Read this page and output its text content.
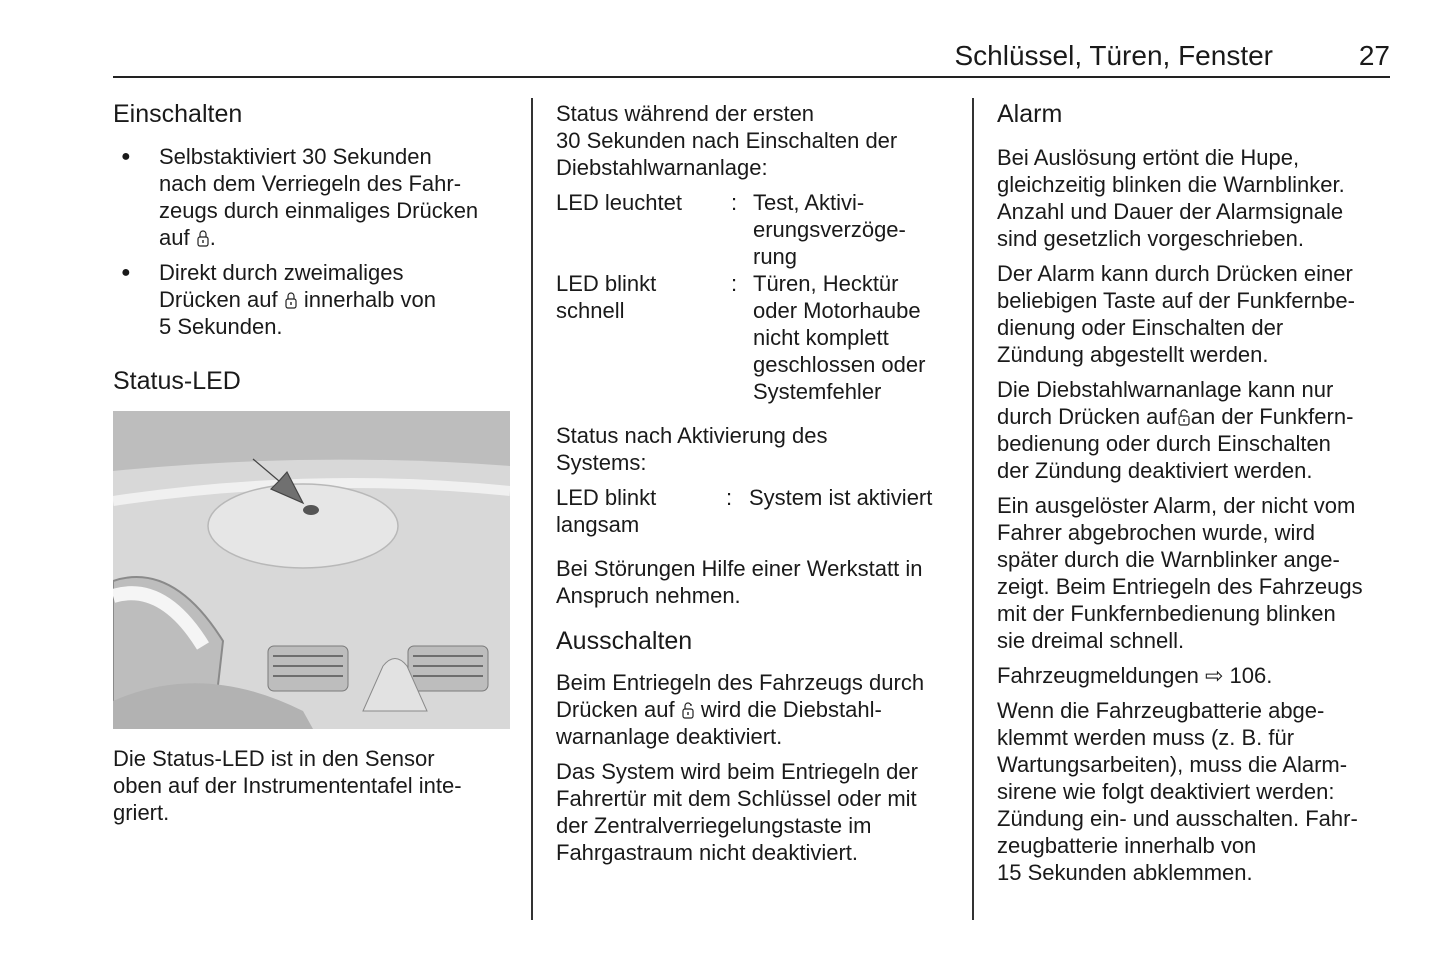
Schlüssel, Türen, Fenster	27
Einschalten
● Selbstaktiviert 30 Sekunden
nach dem Verriegeln des Fahr-
zeugs durch einmaliges Drücken
auf .
● Direkt durch zweimaliges
Drücken auf innerhalb von
5 Sekunden.
Status-LED
Die Status-LED ist in den Sensor
oben auf der Instrumententafel inte-
griert.
Status während der ersten
30 Sekunden nach Einschalten der
Diebstahlwarnanlage:
LED leuchtet	: Test, Aktivi-
erungsverzöge-
rung
LED blinkt
schnell
: Türen, Hecktür
oder Motorhaube
nicht komplett
geschlossen oder
Systemfehler
Status nach Aktivierung des
Systems:
LED blinkt
langsam
: System ist aktiviert
Bei Störungen Hilfe einer Werkstatt in
Anspruch nehmen.
Ausschalten
Beim Entriegeln des Fahrzeugs durch
Drücken auf wird die Diebstahl-
warnanlage deaktiviert.
Das System wird beim Entriegeln der
Fahrertür mit dem Schlüssel oder mit
der Zentralverriegelungstaste im
Fahrgastraum nicht deaktiviert.
Alarm
Bei Auslösung ertönt die Hupe,
gleichzeitig blinken die Warnblinker.
Anzahl und Dauer der Alarmsignale
sind gesetzlich vorgeschrieben.
Der Alarm kann durch Drücken einer
beliebigen Taste auf der Funkfernbe-
dienung oder Einschalten der
Zündung abgestellt werden.
Die Diebstahlwarnanlage kann nur
durch Drücken auf an der Funkfern-
bedienung oder durch Einschalten
der Zündung deaktiviert werden.
Ein ausgelöster Alarm, der nicht vom
Fahrer abgebrochen wurde, wird
später durch die Warnblinker ange-
zeigt. Beim Entriegeln des Fahrzeugs
mit der Funkfernbedienung blinken
sie dreimal schnell.
Fahrzeugmeldungen ⇨ 106.
Wenn die Fahrzeugbatterie abge-
klemmt werden muss (z. B. für
Wartungsarbeiten), muss die Alarm-
sirene wie folgt deaktiviert werden:
Zündung ein- und ausschalten. Fahr-
zeugbatterie innerhalb von
15 Sekunden abklemmen.
